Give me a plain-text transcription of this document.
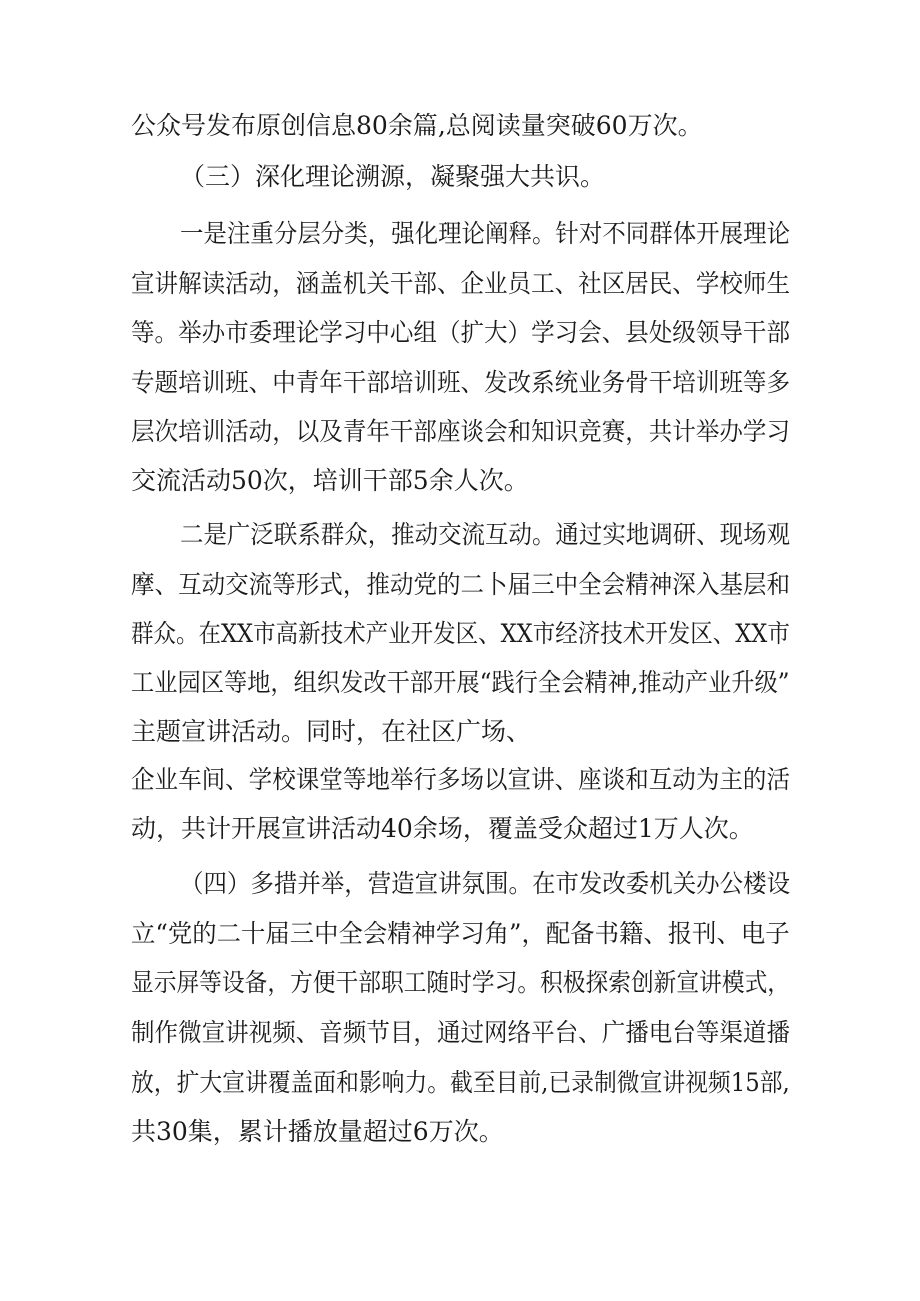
公众号发布原创信息80余篇,总阅读量突破60万次。
（三）深化理论溯源，凝聚强大共识。
一是注重分层分类，强化理论阐释。针对不同群体开展理论
宣讲解读活动，涵盖机关干部、企业员工、社区居民、学校师生
等。举办市委理论学习中心组（扩大）学习会、县处级领导干部
专题培训班、中青年干部培训班、发改系统业务骨干培训班等多
层次培训活动，以及青年干部座谈会和知识竞赛，共计举办学习
交流活动50次，培训干部5余人次。
二是广泛联系群众，推动交流互动。通过实地调研、现场观
摩、互动交流等形式，推动党的二卜届三中全会精神深入基层和
群众。在XX市高新技术产业开发区、XX市经济技术开发区、XX市
工业园区等地，组织发改干部开展“践行全会精神,推动产业升级”
主题宣讲活动。同时，在社区广场、
企业车间、学校课堂等地举行多场以宣讲、座谈和互动为主的活
动，共计开展宣讲活动40余场，覆盖受众超过1万人次。
（四）多措并举，营造宣讲氛围。在市发改委机关办公楼设
立“党的二十届三中全会精神学习角”，配备书籍、报刊、电子
显示屏等设备，方便干部职工随时学习。积极探索创新宣讲模式，
制作微宣讲视频、音频节目，通过网络平台、广播电台等渠道播
放，扩大宣讲覆盖面和影响力。截至目前,已录制微宣讲视频15部,
共30集，累计播放量超过6万次。
